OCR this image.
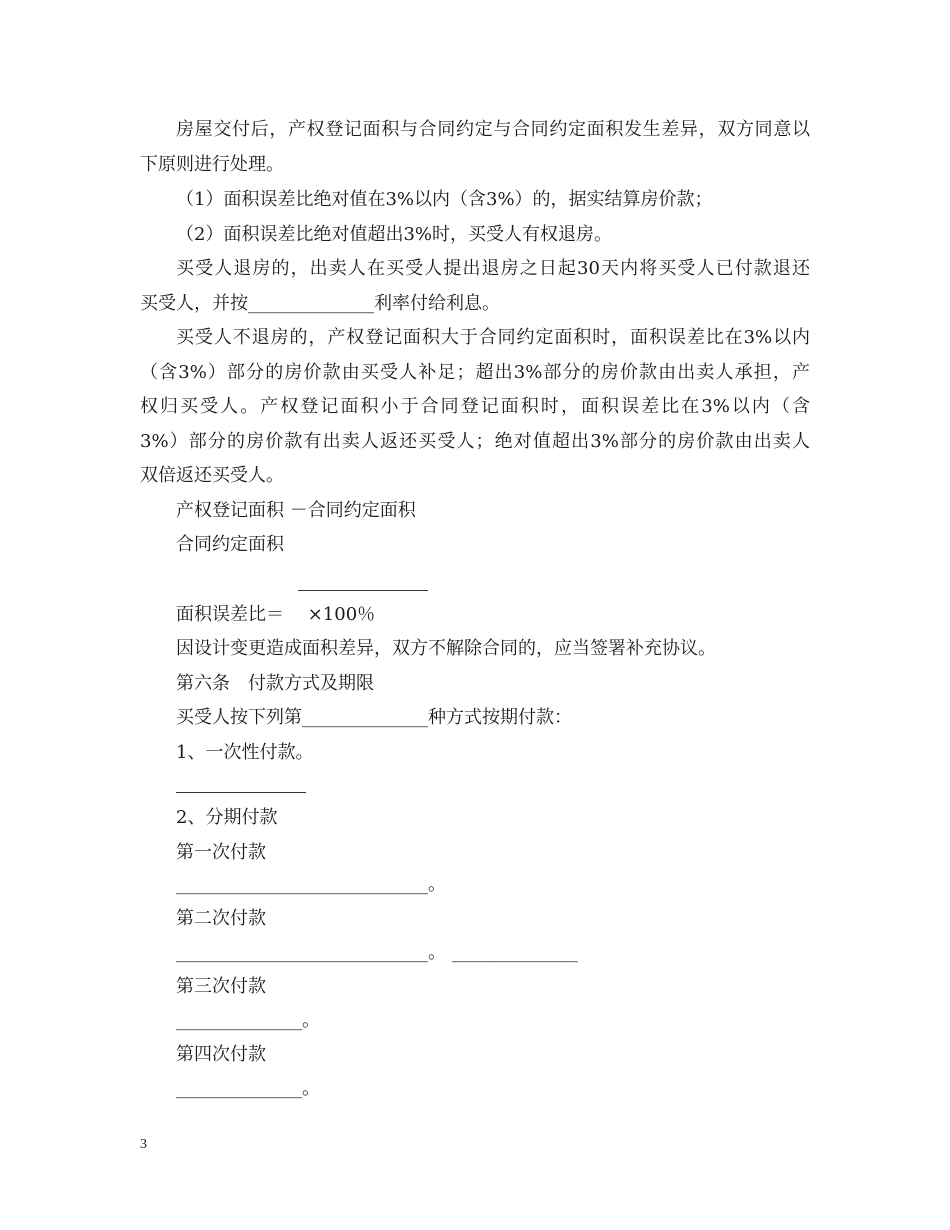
房屋交付后，产权登记面积与合同约定与合同约定面积发生差异，双方同意以
下原则进行处理。
（1）面积误差比绝对值在3%以内（含3%）的，据实结算房价款；
（2）面积误差比绝对值超出3%时，买受人有权退房。
买受人退房的，出卖人在买受人提出退房之日起30天内将买受人已付款退还
买受人，并按______________利率付给利息。
买受人不退房的，产权登记面积大于合同约定面积时，面积误差比在3%以内
（含3%）部分的房价款由买受人补足；超出3%部分的房价款由出卖人承担，产
权归买受人。产权登记面积小于合同登记面积时，面积误差比在3%以内（含
3%）部分的房价款有出卖人返还买受人；绝对值超出3%部分的房价款由出卖人
双倍返还买受人。
产权登记面积 －合同约定面积
合同约定面积
面积误差比＝　 ×100％
因设计变更造成面积差异，双方不解除合同的，应当签署补充协议。
第六条　付款方式及期限
买受人按下列第______________种方式按期付款：
1、一次性付款。
2、分期付款
第一次付款
____________________________。
第二次付款
____________________________。 ______________
第三次付款
______________。
第四次付款
______________。
3
